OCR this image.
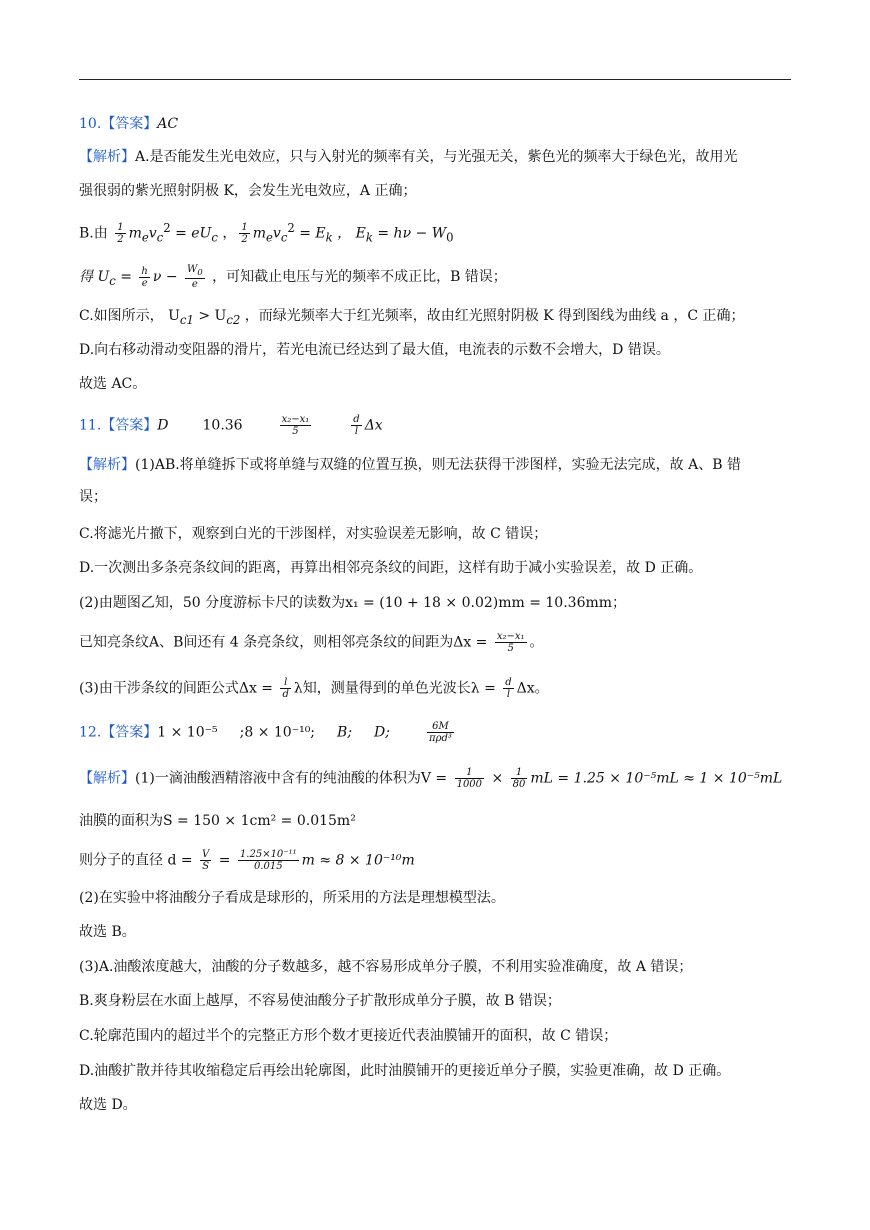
10.【答案】AC
【解析】A.是否能发生光电效应，只与入射光的频率有关，与光强无关，紫色光的频率大于绿色光，故用光
强很弱的紫光照射阴极 K，会发生光电效应，A 正确；
B.由 $\frac{1}{2} m_ev_c^2 = eU_c$ ， $\frac{1}{2} m_ev_c^2 = E_k$ ， $E_k = h\nu - W_0$
得 $U_c = \frac{h}{e}$ $\nu - \frac{W_0}{e}$ ，可知截止电压与光的频率不成正比，B 错误；
C.如图所示， $U_{c1} > U_{c2}$ ，而绿光频率大于红光频率，故由红光照射阴极 K 得到图线为曲线 a ，C 正确；
D.向右移动滑动变阻器的滑片，若光电流已经达到了最大值，电流表的示数不会增大，D 错误。
故选 AC。
11.【答案】D 10.36	$\frac{\text{x₂−x₁}}{5}$	$\frac{d}{l}$ Δx
【解析】(1)AB.将单缝拆下或将单缝与双缝的位置互换，则无法获得干涉图样，实验无法完成，故 A、B 错
误；
C.将滤光片撤下，观察到白光的干涉图样，对实验误差无影响，故 C 错误；
D.一次测出多条亮条纹间的距离，再算出相邻亮条纹的间距，这样有助于减小实验误差，故 D 正确。
(2)由题图乙知，50 分度游标卡尺的读数为x₁ = (10 + 18 × 0.02)mm = 10.36mm；
已知亮条纹A、B间还有 4 条亮条纹，则相邻亮条纹的间距为$\Delta x = \frac{\text{x₂−x₁}}{5}$ 。
(3)由干涉条纹的间距公式$\Delta x = \frac{l}{d}$ λ知，测量得到的单色光波长$\lambda = \frac{d}{l}$ Δx。
12.【答案】1 × 10⁻⁵ ;8 × 10⁻¹⁰; B; D;	$\frac{6M}{\text{πρd³}}$
【解析】(1)一滴油酸酒精溶液中含有的纯油酸的体积为$V = \frac{1}{1000} \times \frac{1}{80}$ mL = 1.25 × 10⁻⁵mL ≈ 1 × 10⁻⁵mL
油膜的面积为S = 150 × 1cm² = 0.015m²
则分子的直径 $d = \frac{V}{S} = \frac{\text{1.25×10⁻¹¹}}{0.015}$ m ≈ 8 × 10⁻¹⁰m
(2)在实验中将油酸分子看成是球形的，所采用的方法是理想模型法。
故选 B。
(3)A.油酸浓度越大，油酸的分子数越多，越不容易形成单分子膜，不利用实验准确度，故 A 错误；
B.爽身粉层在水面上越厚，不容易使油酸分子扩散形成单分子膜，故 B 错误；
C.轮廓范围内的超过半个的完整正方形个数才更接近代表油膜铺开的面积，故 C 错误；
D.油酸扩散并待其收缩稳定后再绘出轮廓图，此时油膜铺开的更接近单分子膜，实验更准确，故 D 正确。
故选 D。
